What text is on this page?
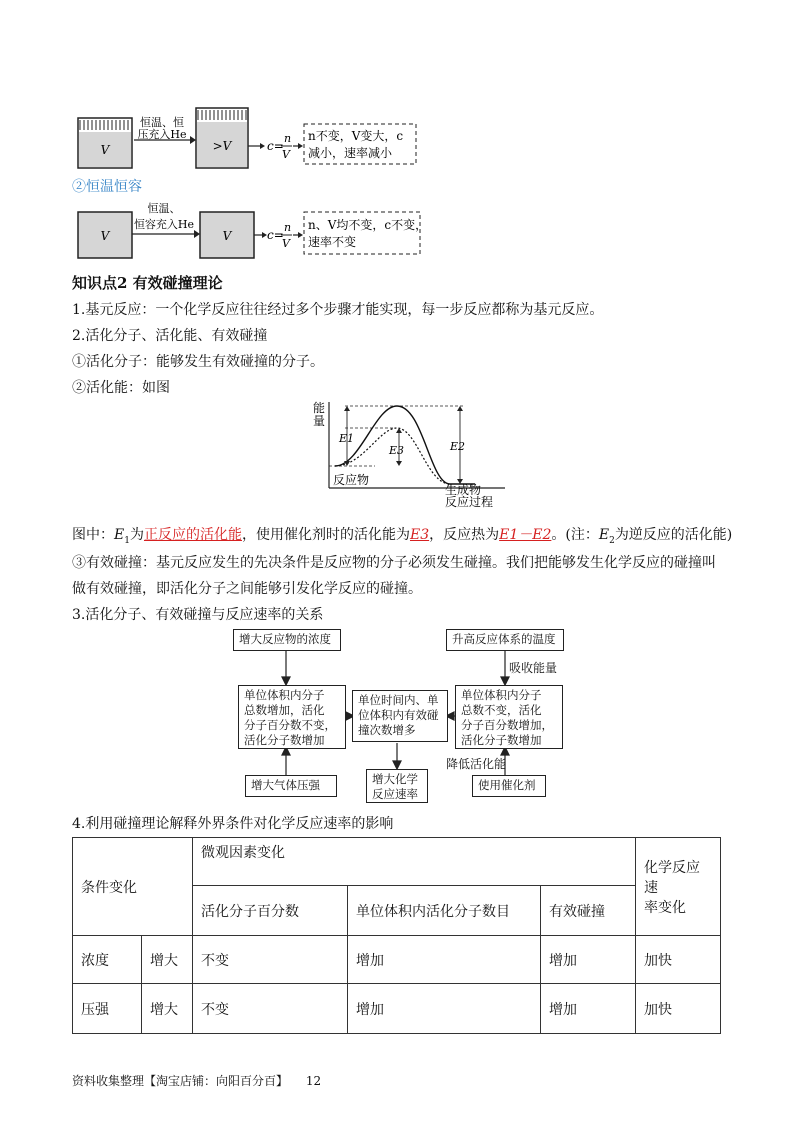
V
恒温、恒
压充入He
>V	c=
n
V
n不变，V变大，c
减小，速率减小
②恒温恒容
V
恒温、
恒容充入He
V	c=
n
V
n、V均不变，c不变，
速率不变
知识点2 有效碰撞理论
1.基元反应：一个化学反应往往经过多个步骤才能实现，每一步反应都称为基元反应。
2.活化分子、活化能、有效碰撞
①活化分子：能够发生有效碰撞的分子。
②活化能：如图
能
量
E1
E3	E2
反应物
生成物
反应过程
图中：$E_1$为正反应的活化能，使用催化剂时的活化能为E3，反应热为E1－E2。(注：$E_2$为逆反应的活化能)
③有效碰撞：基元反应发生的先决条件是反应物的分子必须发生碰撞。我们把能够发生化学反应的碰撞叫
做有效碰撞，即活化分子之间能够引发化学反应的碰撞。
3.活化分子、有效碰撞与反应速率的关系
增大反应物的浓度	升高反应体系的温度
吸收能量
单位体积内分子
总数增加，活化
分子百分数不变，
活化分子数增加
单位时间内、单
位体积内有效碰
撞次数增多
单位体积内分子
总数不变，活化
分子百分数增加，
活化分子数增加
降低活化能
增大气体压强	增大化学
反应速率
使用催化剂
4.利用碰撞理论解释外界条件对化学反应速率的影响
条件变化		微观因素变化			化学反应速
率变化

		活化分子百分数	单位体积内活化分子数目	有效碰撞	
浓度	增大	不变	增加	增加	加快
压强	增大	不变	增加	增加	加快
资料收集整理【淘宝店铺：向阳百分百】 12
